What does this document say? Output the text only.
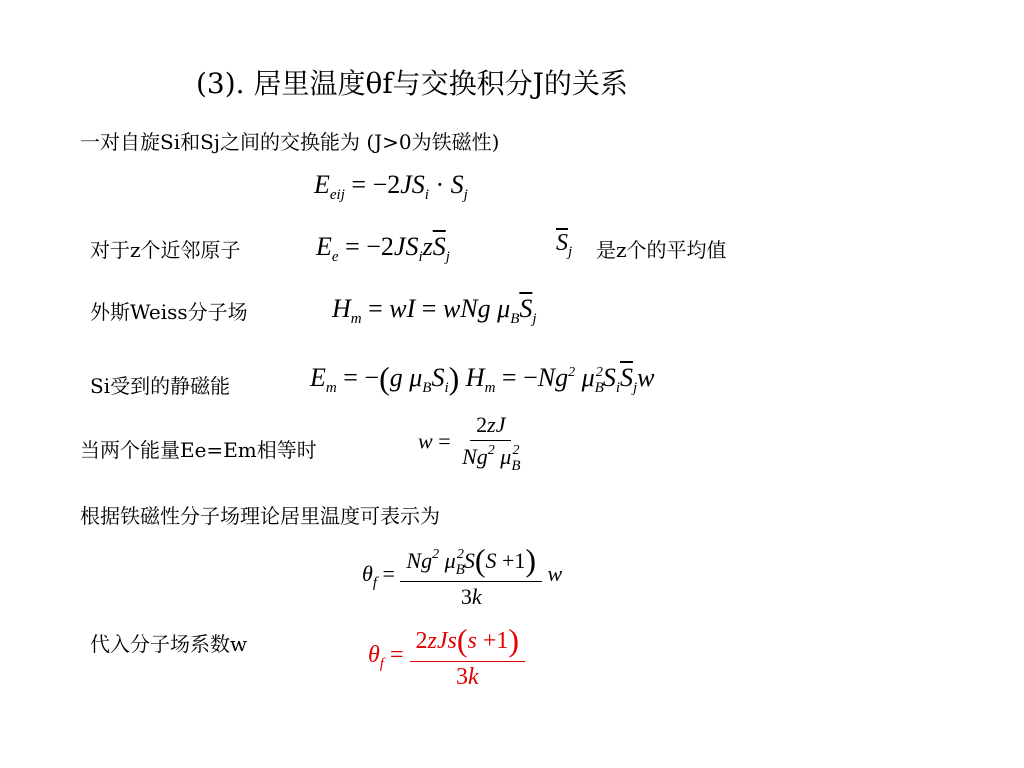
(3). 居里温度θf与交换积分J的关系
一对自旋Si和Sj之间的交换能为 (J>0为铁磁性)
对于z个近邻原子	是z个的平均值
外斯Weiss分子场
Si受到的静磁能
当两个能量Ee=Em相等时
根据铁磁性分子场理论居里温度可表示为
代入分子场系数w
$E_{eij} = -2JS_i \cdot S_j$
$E_e = -2JS_iz\overline{S}_j$
$\overline{S}_j$
$H_m$ = wI = wNg $\mu_B\overline{S}_j$
$E_m = -(g$ $\mu_BS_i$) $H_m = -Ng^2$ $\mu_B^2S_i\overline{S}_jw$
$w = \frac{2zJ}{Ng^2 \mu_B^2}$
$\theta_f = \frac{Ng^2 \mu_B^2S(S +1)}{3k}$ w
$\theta_f = \frac{\text{2zJs(s +1)}}{3k}$
